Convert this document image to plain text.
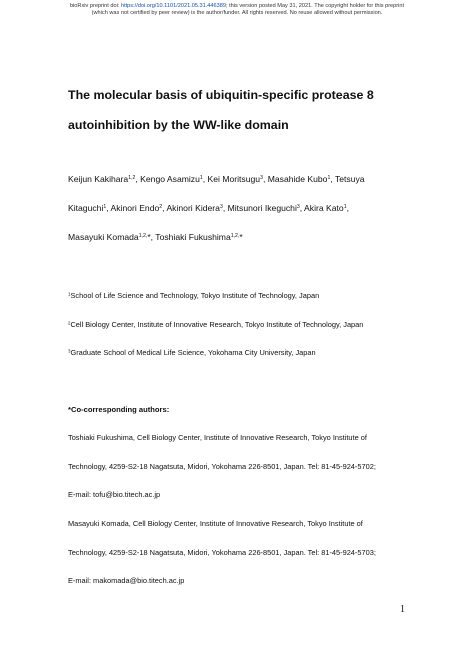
bioRxiv preprint doi: https://doi.org/10.1101/2021.05.31.446389; this version posted May 31, 2021. The copyright holder for this preprint
(which was not certified by peer review) is the author/funder. All rights reserved. No reuse allowed without permission.
The molecular basis of ubiquitin-specific protease 8
autoinhibition by the WW-like domain
Keijun Kakihara$^{1,2}$, Kengo Asamizu$^1$, Kei Moritsugu$^3$, Masahide Kubo$^1$, Tetsuya
Kitaguchi$^1$, Akinori Endo$^2$, Akinori Kidera$^3$, Mitsunori Ikeguchi$^3$, Akira Kato$^1$,
Masayuki Komada$^{1,2,}$*, Toshiaki Fukushima$^{1,2,}$*
$^1$School of Life Science and Technology, Tokyo Institute of Technology, Japan
$^2$Cell Biology Center, Institute of Innovative Research, Tokyo Institute of Technology, Japan
$^3$Graduate School of Medical Life Science, Yokohama City University, Japan
*Co-corresponding authors:
Toshiaki Fukushima, Cell Biology Center, Institute of Innovative Research, Tokyo Institute of
Technology, 4259-S2-18 Nagatsuta, Midori, Yokohama 226-8501, Japan. Tel: 81-45-924-5702;
E-mail: tofu@bio.titech.ac.jp
Masayuki Komada, Cell Biology Center, Institute of Innovative Research, Tokyo Institute of
Technology, 4259-S2-18 Nagatsuta, Midori, Yokohama 226-8501, Japan. Tel: 81-45-924-5703;
E-mail: makomada@bio.titech.ac.jp
1
